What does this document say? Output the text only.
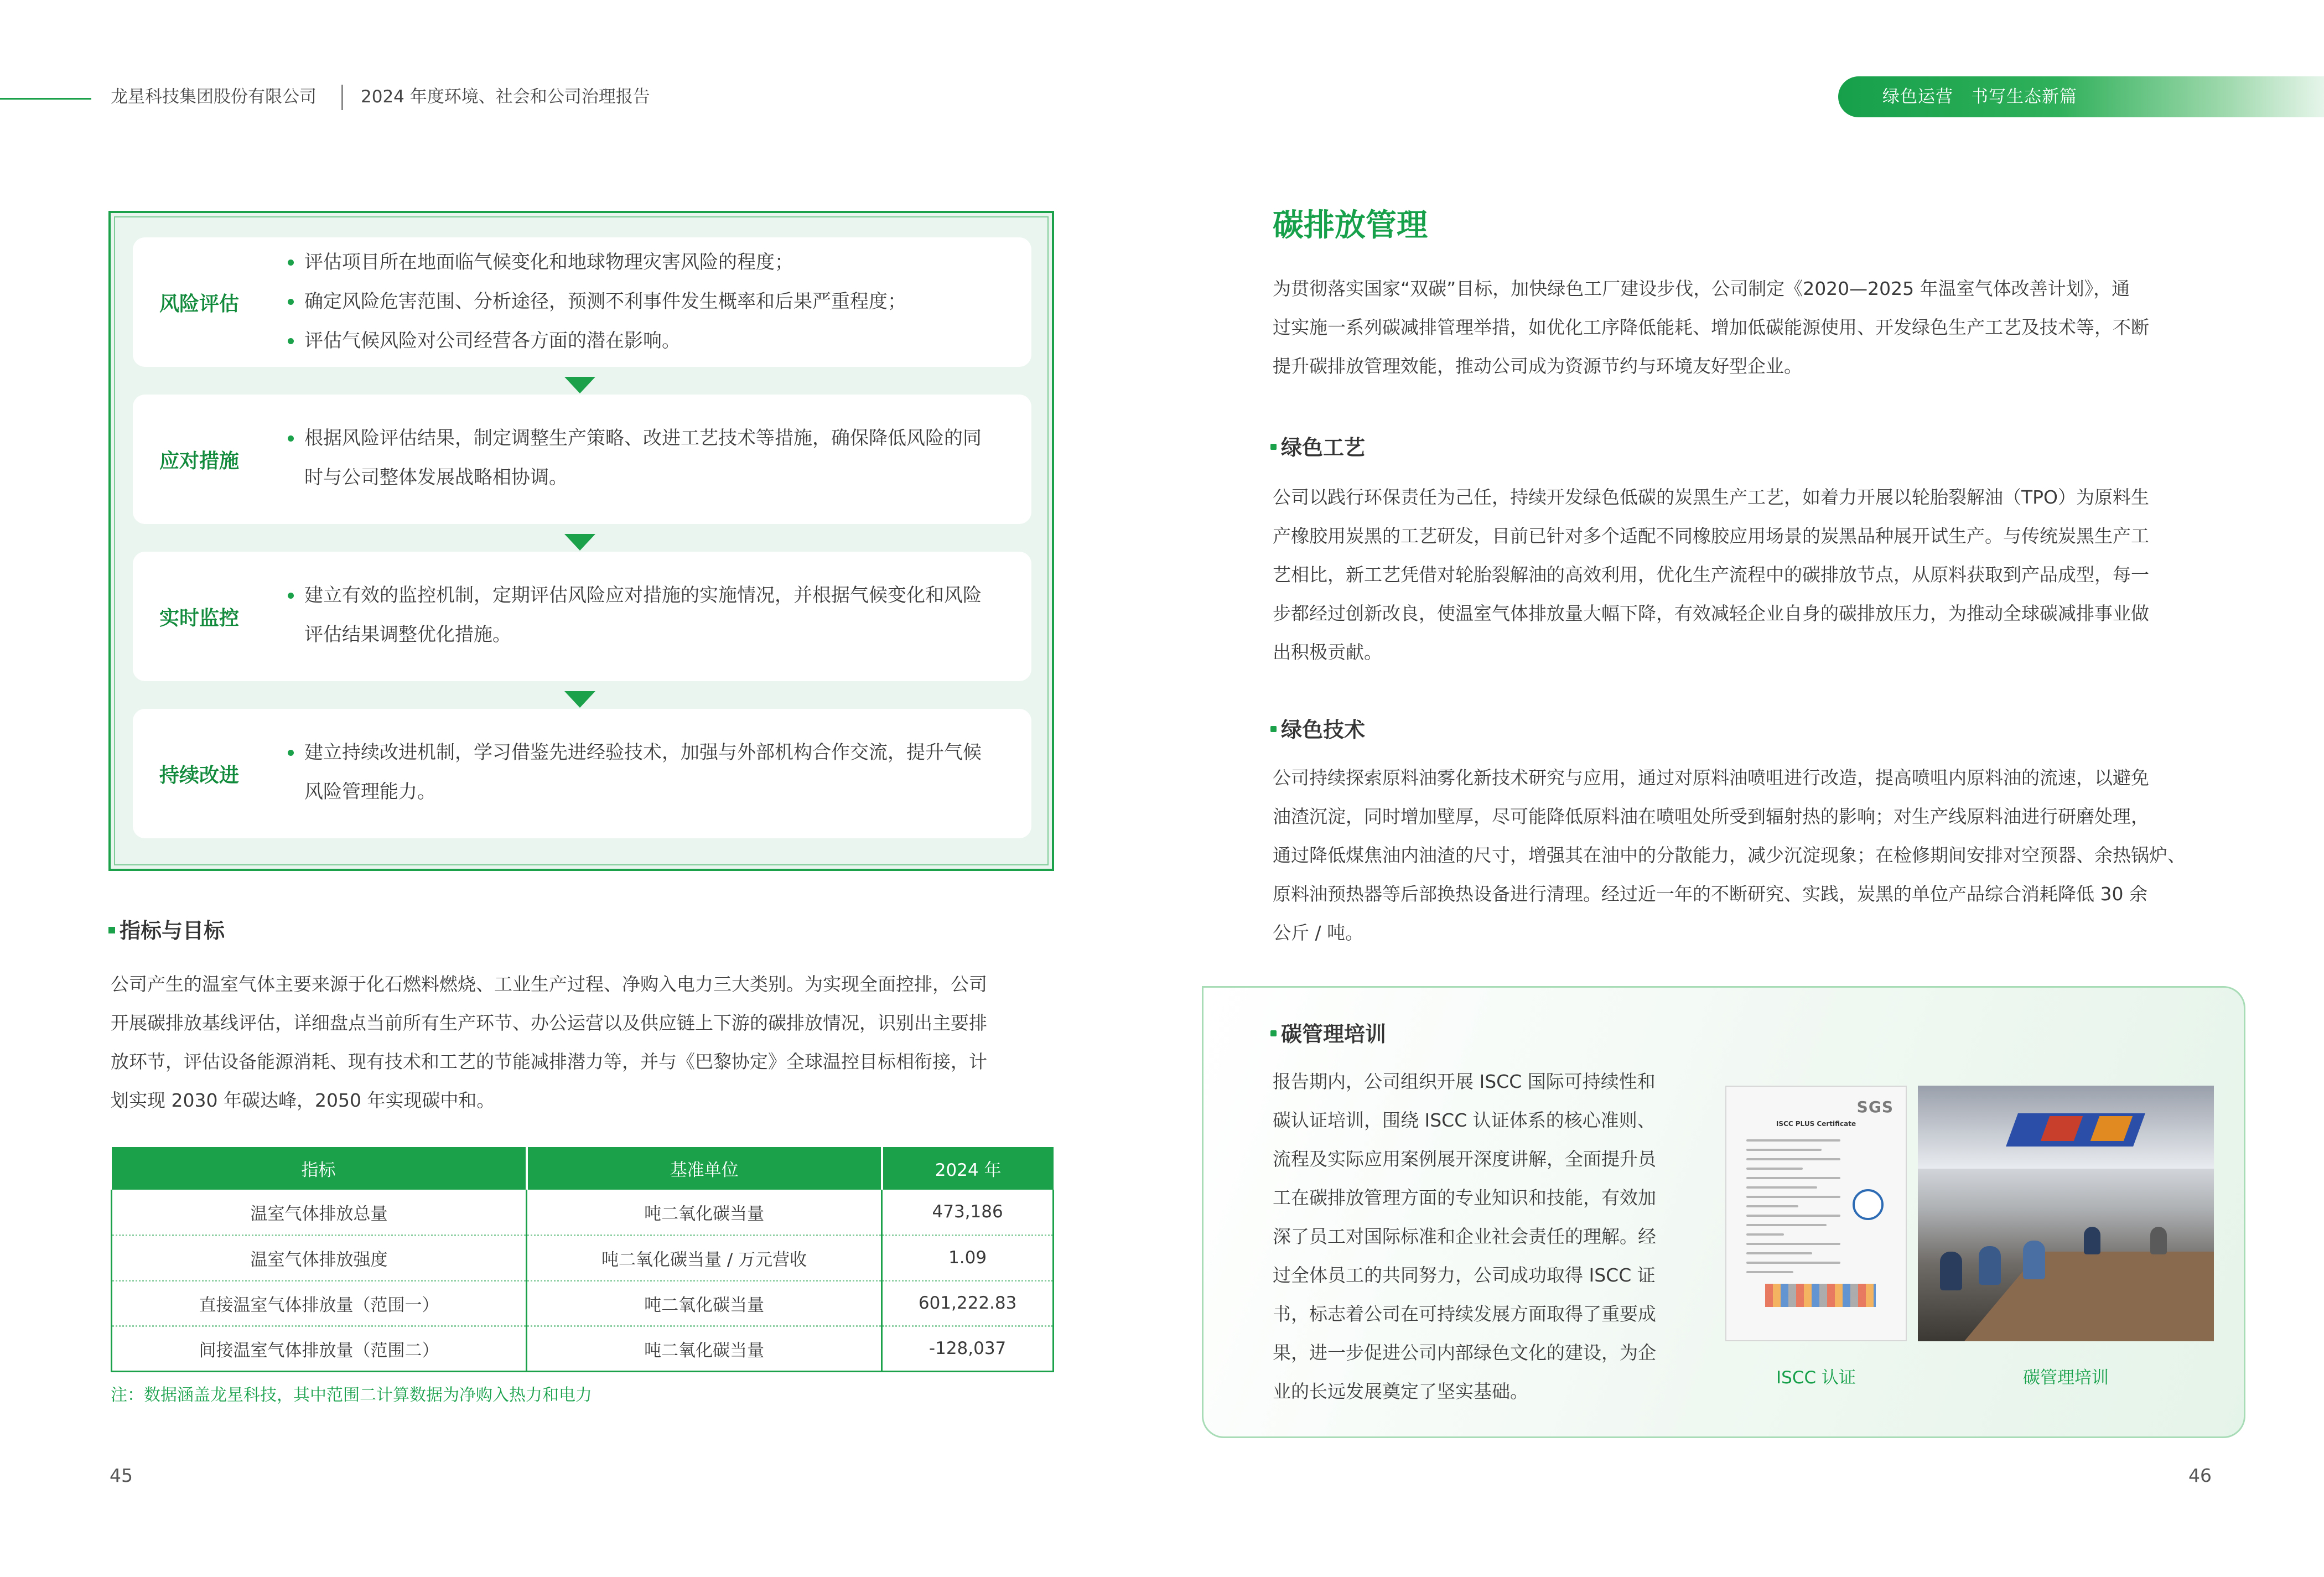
龙星科技集团股份有限公司	2024 年度环境、社会和公司治理报告	绿色运营　书写生态新篇
风险评估
评估项目所在地面临气候变化和地球物理灾害风险的程度；
确定风险危害范围、分析途径，预测不利事件发生概率和后果严重程度；
评估气候风险对公司经营各方面的潜在影响。
应对措施
根据风险评估结果，制定调整生产策略、改进工艺技术等措施，确保降低风险的同
时与公司整体发展战略相协调。
实时监控
建立有效的监控机制，定期评估风险应对措施的实施情况，并根据气候变化和风险
评估结果调整优化措施。
持续改进
建立持续改进机制，学习借鉴先进经验技术，加强与外部机构合作交流，提升气候
风险管理能力。
指标与目标
公司产生的温室气体主要来源于化石燃料燃烧、工业生产过程、净购入电力三大类别。为实现全面控排，公司
开展碳排放基线评估，详细盘点当前所有生产环节、办公运营以及供应链上下游的碳排放情况，识别出主要排
放环节，评估设备能源消耗、现有技术和工艺的节能减排潜力等，并与《巴黎协定》全球温控目标相衔接，计
划实现 2030 年碳达峰，2050 年实现碳中和。
指标	基准单位	2024 年
温室气体排放总量	吨二氧化碳当量	473,186
温室气体排放强度	吨二氧化碳当量 / 万元营收	1.09
直接温室气体排放量（范围一）	吨二氧化碳当量	601,222.83
间接温室气体排放量（范围二）	吨二氧化碳当量	-128,037
注：数据涵盖龙星科技，其中范围二计算数据为净购入热力和电力
45
碳排放管理
为贯彻落实国家“双碳”目标，加快绿色工厂建设步伐，公司制定《2020—2025 年温室气体改善计划》，通
过实施一系列碳减排管理举措，如优化工序降低能耗、增加低碳能源使用、开发绿色生产工艺及技术等，不断
提升碳排放管理效能，推动公司成为资源节约与环境友好型企业。
绿色工艺
公司以践行环保责任为己任，持续开发绿色低碳的炭黑生产工艺，如着力开展以轮胎裂解油（TPO）为原料生
产橡胶用炭黑的工艺研发，目前已针对多个适配不同橡胶应用场景的炭黑品种展开试生产。与传统炭黑生产工
艺相比，新工艺凭借对轮胎裂解油的高效利用，优化生产流程中的碳排放节点，从原料获取到产品成型，每一
步都经过创新改良，使温室气体排放量大幅下降，有效减轻企业自身的碳排放压力，为推动全球碳减排事业做
出积极贡献。
绿色技术
公司持续探索原料油雾化新技术研究与应用，通过对原料油喷咀进行改造，提高喷咀内原料油的流速，以避免
油渣沉淀，同时增加壁厚，尽可能降低原料油在喷咀处所受到辐射热的影响；对生产线原料油进行研磨处理，
通过降低煤焦油内油渣的尺寸，增强其在油中的分散能力，减少沉淀现象；在检修期间安排对空预器、余热锅炉、
原料油预热器等后部换热设备进行清理。经过近一年的不断研究、实践，炭黑的单位产品综合消耗降低 30 余
公斤 / 吨。
碳管理培训
报告期内，公司组织开展 ISCC 国际可持续性和
碳认证培训，围绕 ISCC 认证体系的核心准则、
流程及实际应用案例展开深度讲解，全面提升员
工在碳排放管理方面的专业知识和技能，有效加
深了员工对国际标准和企业社会责任的理解。经
过全体员工的共同努力，公司成功取得 ISCC 证
书，标志着公司在可持续发展方面取得了重要成
果，进一步促进公司内部绿色文化的建设，为企
业的长远发展奠定了坚实基础。
SGS
ISCC PLUS Certificate
ISCC 认证	碳管理培训
46
